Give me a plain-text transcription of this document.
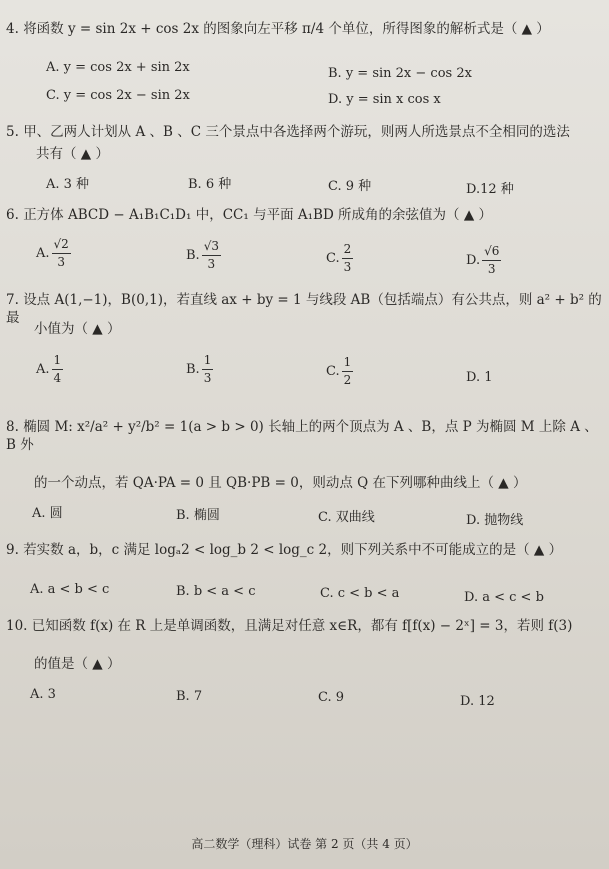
4. 将函数 y = sin 2x + cos 2x 的图象向左平移 π/4 个单位，所得图象的解析式是（ ▲ ）
A. y = cos 2x + sin 2x	B. y = sin 2x − cos 2x
C. y = cos 2x − sin 2x	D. y = sin x cos x
5. 甲、乙两人计划从 A 、B 、C 三个景点中各选择两个游玩，则两人所选景点不全相同的选法
共有（ ▲ ）
A. 3 种	B. 6 种	C. 9 种	D.12 种
6. 正方体 ABCD − A₁B₁C₁D₁ 中，CC₁ 与平面 A₁BD 所成角的余弦值为（ ▲ ）
A. $\frac{√2}{3}$	B. $\frac{√3}{3}$	C. $\frac{2}{3}$	D. $\frac{√6}{3}$
7. 设点 A(1,−1)，B(0,1)，若直线 ax + by = 1 与线段 AB（包括端点）有公共点，则 a² + b² 的最
小值为（ ▲ ）
A. $\frac{1}{4}$	B. $\frac{1}{3}$	C. $\frac{1}{2}$	D. 1
8. 椭圆 M: x²/a² + y²/b² = 1(a > b > 0) 长轴上的两个顶点为 A 、B，点 P 为椭圆 M 上除 A 、B 外
的一个动点，若 QA·PA = 0 且 QB·PB = 0，则动点 Q 在下列哪种曲线上（ ▲ ）
A. 圆	B. 椭圆	C. 双曲线	D. 抛物线
9. 若实数 a，b，c 满足 logₐ2 < log_b 2 < log_c 2，则下列关系中不可能成立的是（ ▲ ）
A. a < b < c	B. b < a < c	C. c < b < a	D. a < c < b
10. 已知函数 f(x) 在 R 上是单调函数，且满足对任意 x∈R，都有 f[f(x) − 2ˣ] = 3，若则 f(3)
的值是（ ▲ ）
A. 3	B. 7	C. 9	D. 12
高二数学（理科）试卷 第 2 页（共 4 页）
